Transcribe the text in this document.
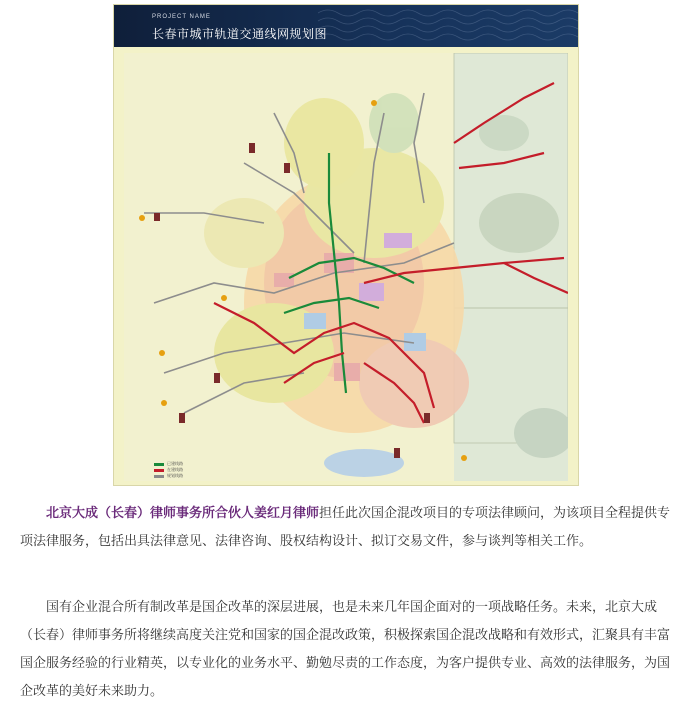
PROJECT NAME
长春市城市轨道交通线网规划图
已建线路
在建线路
规划线路

北京大成（长春）律师事务所合伙人姜红月律师担任此次国企混改项目的专项法律顾问，为该项目全程提供专项法律服务，包括出具法律意见、法律咨询、股权结构设计、拟订交易文件，参与谈判等相关工作。

国有企业混合所有制改革是国企改革的深层进展，也是未来几年国企面对的一项战略任务。未来，北京大成（长春）律师事务所将继续高度关注党和国家的国企混改政策，积极探索国企混改战略和有效形式，汇聚具有丰富国企服务经验的行业精英，以专业化的业务水平、勤勉尽责的工作态度，为客户提供专业、高效的法律服务，为国企改革的美好未来助力。
